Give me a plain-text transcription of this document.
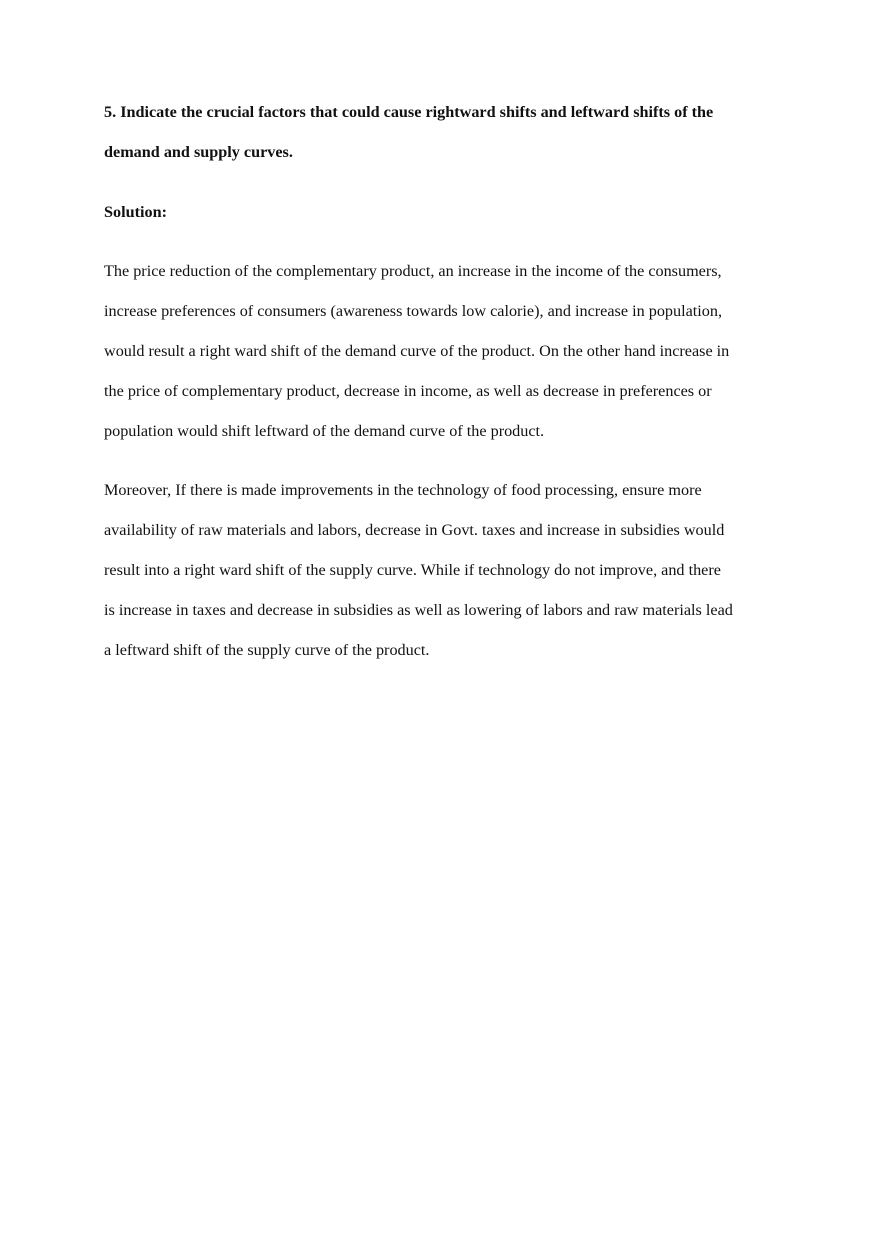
5. Indicate the crucial factors that could cause rightward shifts and leftward shifts of the
demand and supply curves.

Solution:

The price reduction of the complementary product, an increase in the income of the consumers,
increase preferences of consumers (awareness towards low calorie), and increase in population,
would result a right ward shift of the demand curve of the product. On the other hand increase in
the price of complementary product, decrease in income, as well as decrease in preferences or
population would shift leftward of the demand curve of the product.

Moreover, If there is made improvements in the technology of food processing, ensure more
availability of raw materials and labors, decrease in Govt. taxes and increase in subsidies would
result into a right ward shift of the supply curve. While if technology do not improve, and there
is increase in taxes and decrease in subsidies as well as lowering of labors and raw materials lead
a leftward shift of the supply curve of the product.
